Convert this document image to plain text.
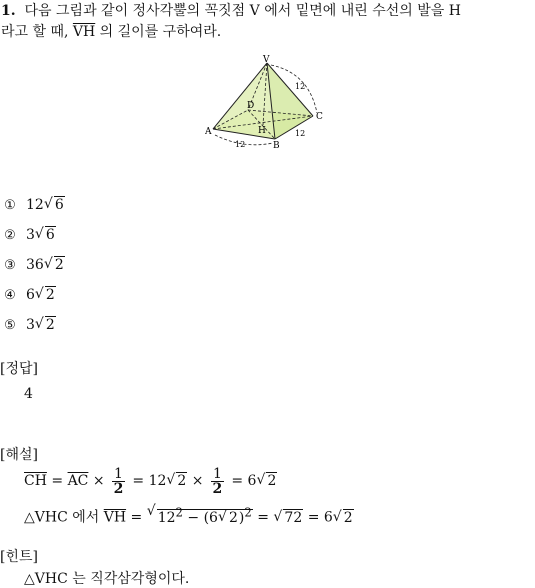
1. 다음 그림과 같이 정사각뿔의 꼭짓점 V 에서 밑면에 내린 수선의 발을 H
라고 할 때, $\overline{VH}$ 의 길이를 구하여라.
V
D
H
A
B
C
12
12
12
① 12 √ 6
② 3 √ 6
③ 36 √ 2
④ 6 √ 2
⑤ 3 √ 2
[정답]
4
[해설]
$\overline{CH} = \overline{AC} \times \frac{1}{2} = 12$ √ $2 \times \frac{1}{2} = 6$ √ 2
△VHC 에서 $\overline{VH}$ = √ $12^2 - (6$ √ 2)$^2$ = √ 72 = 6 √ 2
[힌트]
△VHC 는 직각삼각형이다.
